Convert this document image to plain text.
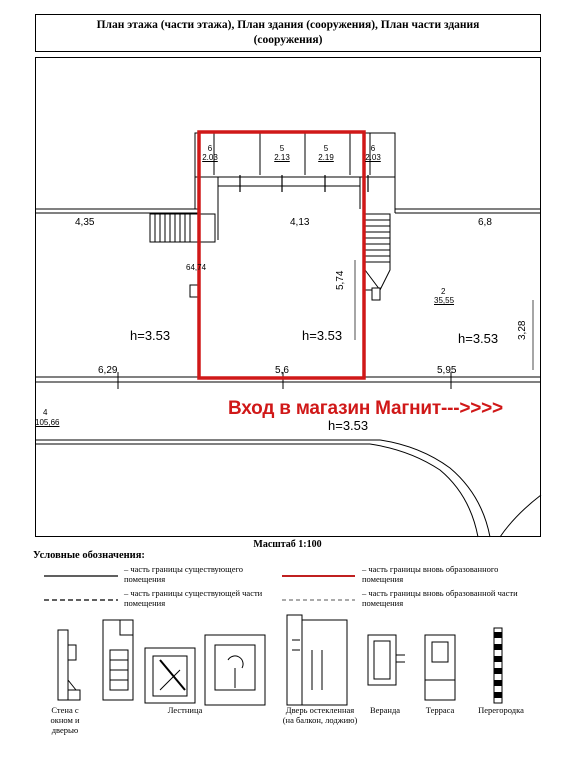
План этажа (части этажа), План здания (сооружения), План части здания
(сооружения)
6
2.03
5
2.13
5
2.19
6
2.03
4,35	4,13	6,8
64,74
5,74
3,28
2
35,55
6,29	5,6	5,95
4
105,66
h=3.53	h=3.53	h=3.53
h=3.53
Вход в магазин Магнит--->>>>
Масштаб 1:100
Условные обозначения:
– часть границы существующего помещения
– часть границы существующей части помещения
– часть границы вновь образованного помещения
– часть границы вновь образованной части помещения
Стена с окном и дверью
Лестница	Дверь остекленная (на балкон, лоджию)
Веранда	Терраса	Перегородка
